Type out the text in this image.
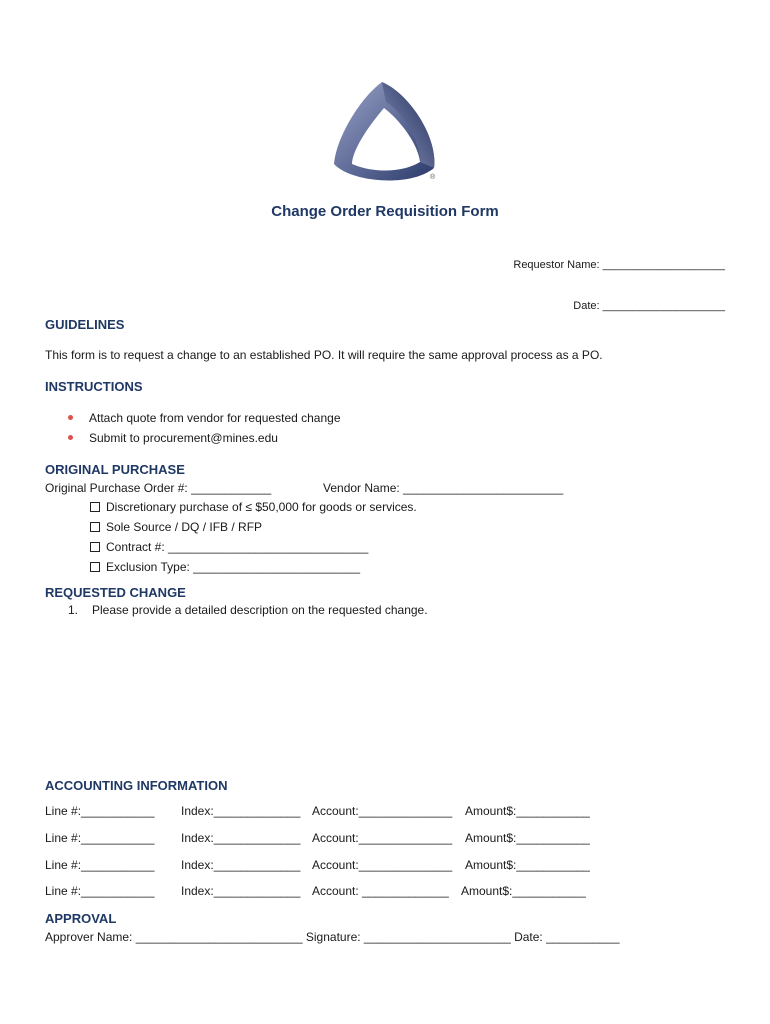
®
Change Order Requisition Form
Requestor Name: ____________________
Date: ____________________
GUIDELINES
This form is to request a change to an established PO. It will require the same approval process as a PO.
INSTRUCTIONS
Attach quote from vendor for requested change
Submit to procurement@mines.edu
ORIGINAL PURCHASE
Original Purchase Order #: ____________	Vendor Name: ________________________
Discretionary purchase of ≤ $50,000 for goods or services.
Sole Source / DQ / IFB / RFP
Contract #: ______________________________
Exclusion Type: _________________________
REQUESTED CHANGE
1. Please provide a detailed description on the requested change.
ACCOUNTING INFORMATION
Line #:___________ Index:_____________ Account:______________ Amount$:___________
Line #:___________ Index:_____________ Account:______________ Amount$:___________
Line #:___________ Index:_____________ Account:______________ Amount$:___________
Line #:___________ Index:_____________ Account: _____________ Amount$:___________
APPROVAL
Approver Name: _________________________ Signature: ______________________ Date: ___________
